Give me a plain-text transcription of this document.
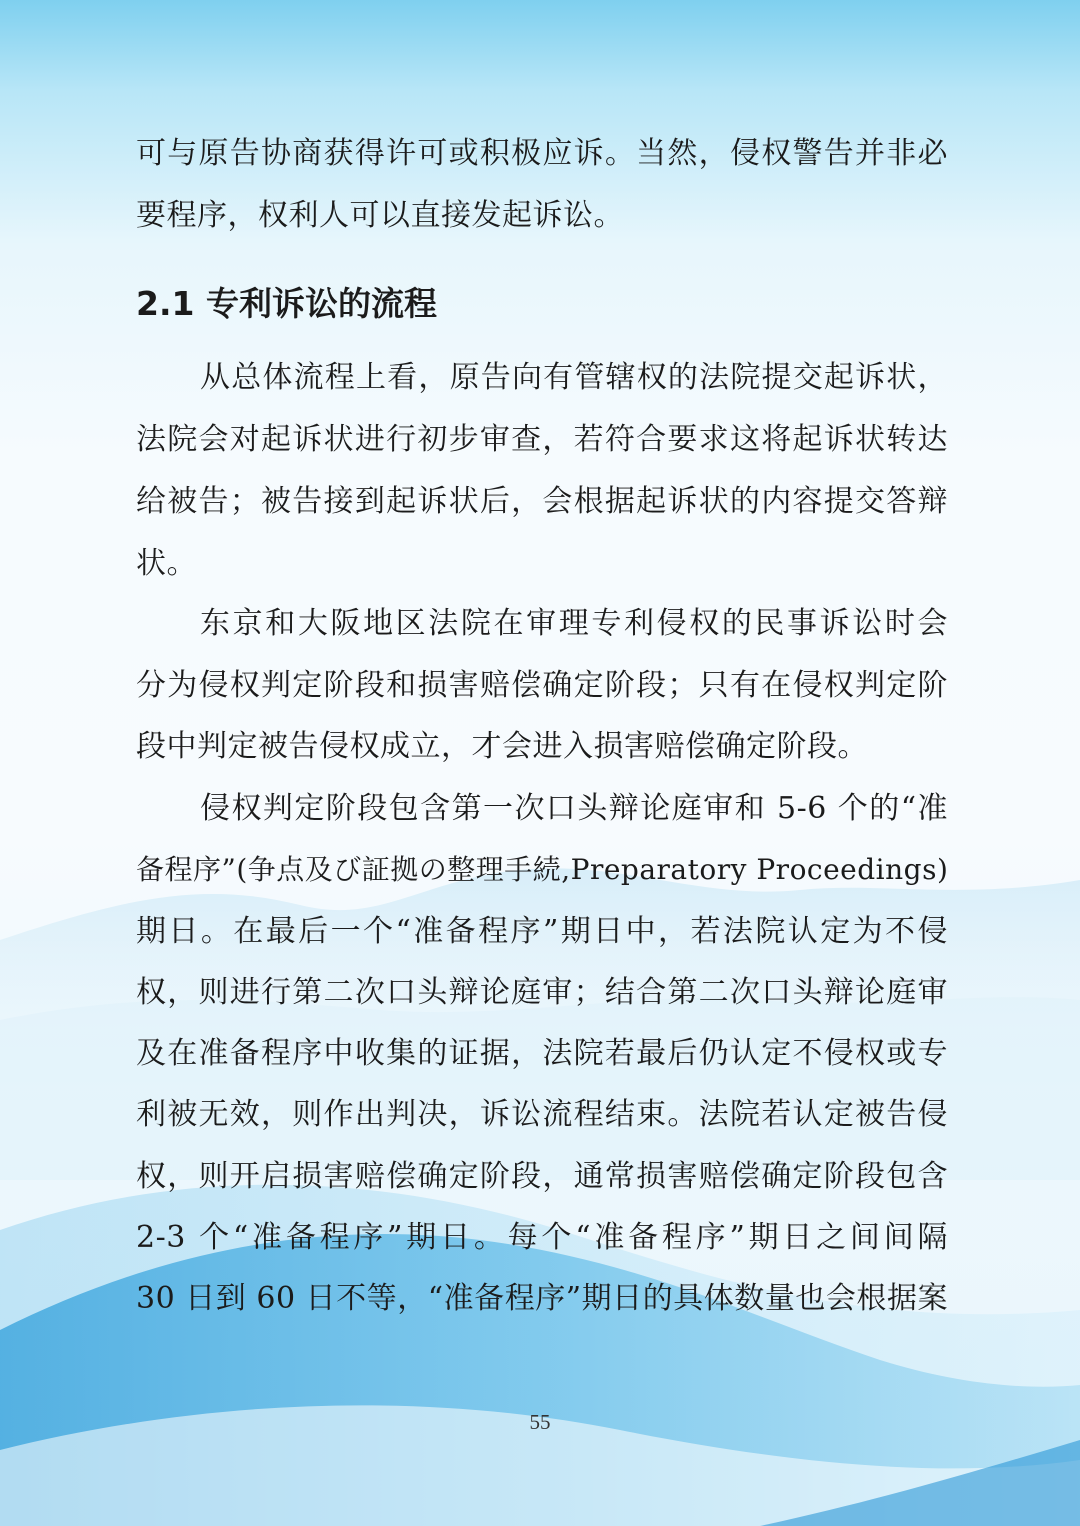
可与原告协商获得许可或积极应诉。当然，侵权警告并非必
要程序，权利人可以直接发起诉讼。
2.1 专利诉讼的流程
从总体流程上看，原告向有管辖权的法院提交起诉状，
法院会对起诉状进行初步审查，若符合要求这将起诉状转达
给被告；被告接到起诉状后，会根据起诉状的内容提交答辩
状。
东京和大阪地区法院在审理专利侵权的民事诉讼时会
分为侵权判定阶段和损害赔偿确定阶段；只有在侵权判定阶
段中判定被告侵权成立，才会进入损害赔偿确定阶段。
侵权判定阶段包含第一次口头辩论庭审和 5-6 个的“准
备程序”(争点及び証拠の整理手続,Preparatory Proceedings)
期日。在最后一个“准备程序”期日中，若法院认定为不侵
权，则进行第二次口头辩论庭审；结合第二次口头辩论庭审
及在准备程序中收集的证据，法院若最后仍认定不侵权或专
利被无效，则作出判决，诉讼流程结束。法院若认定被告侵
权，则开启损害赔偿确定阶段，通常损害赔偿确定阶段包含
2-3 个“准备程序”期日。每个“准备程序”期日之间间隔
30 日到 60 日不等，“准备程序”期日的具体数量也会根据案
55
